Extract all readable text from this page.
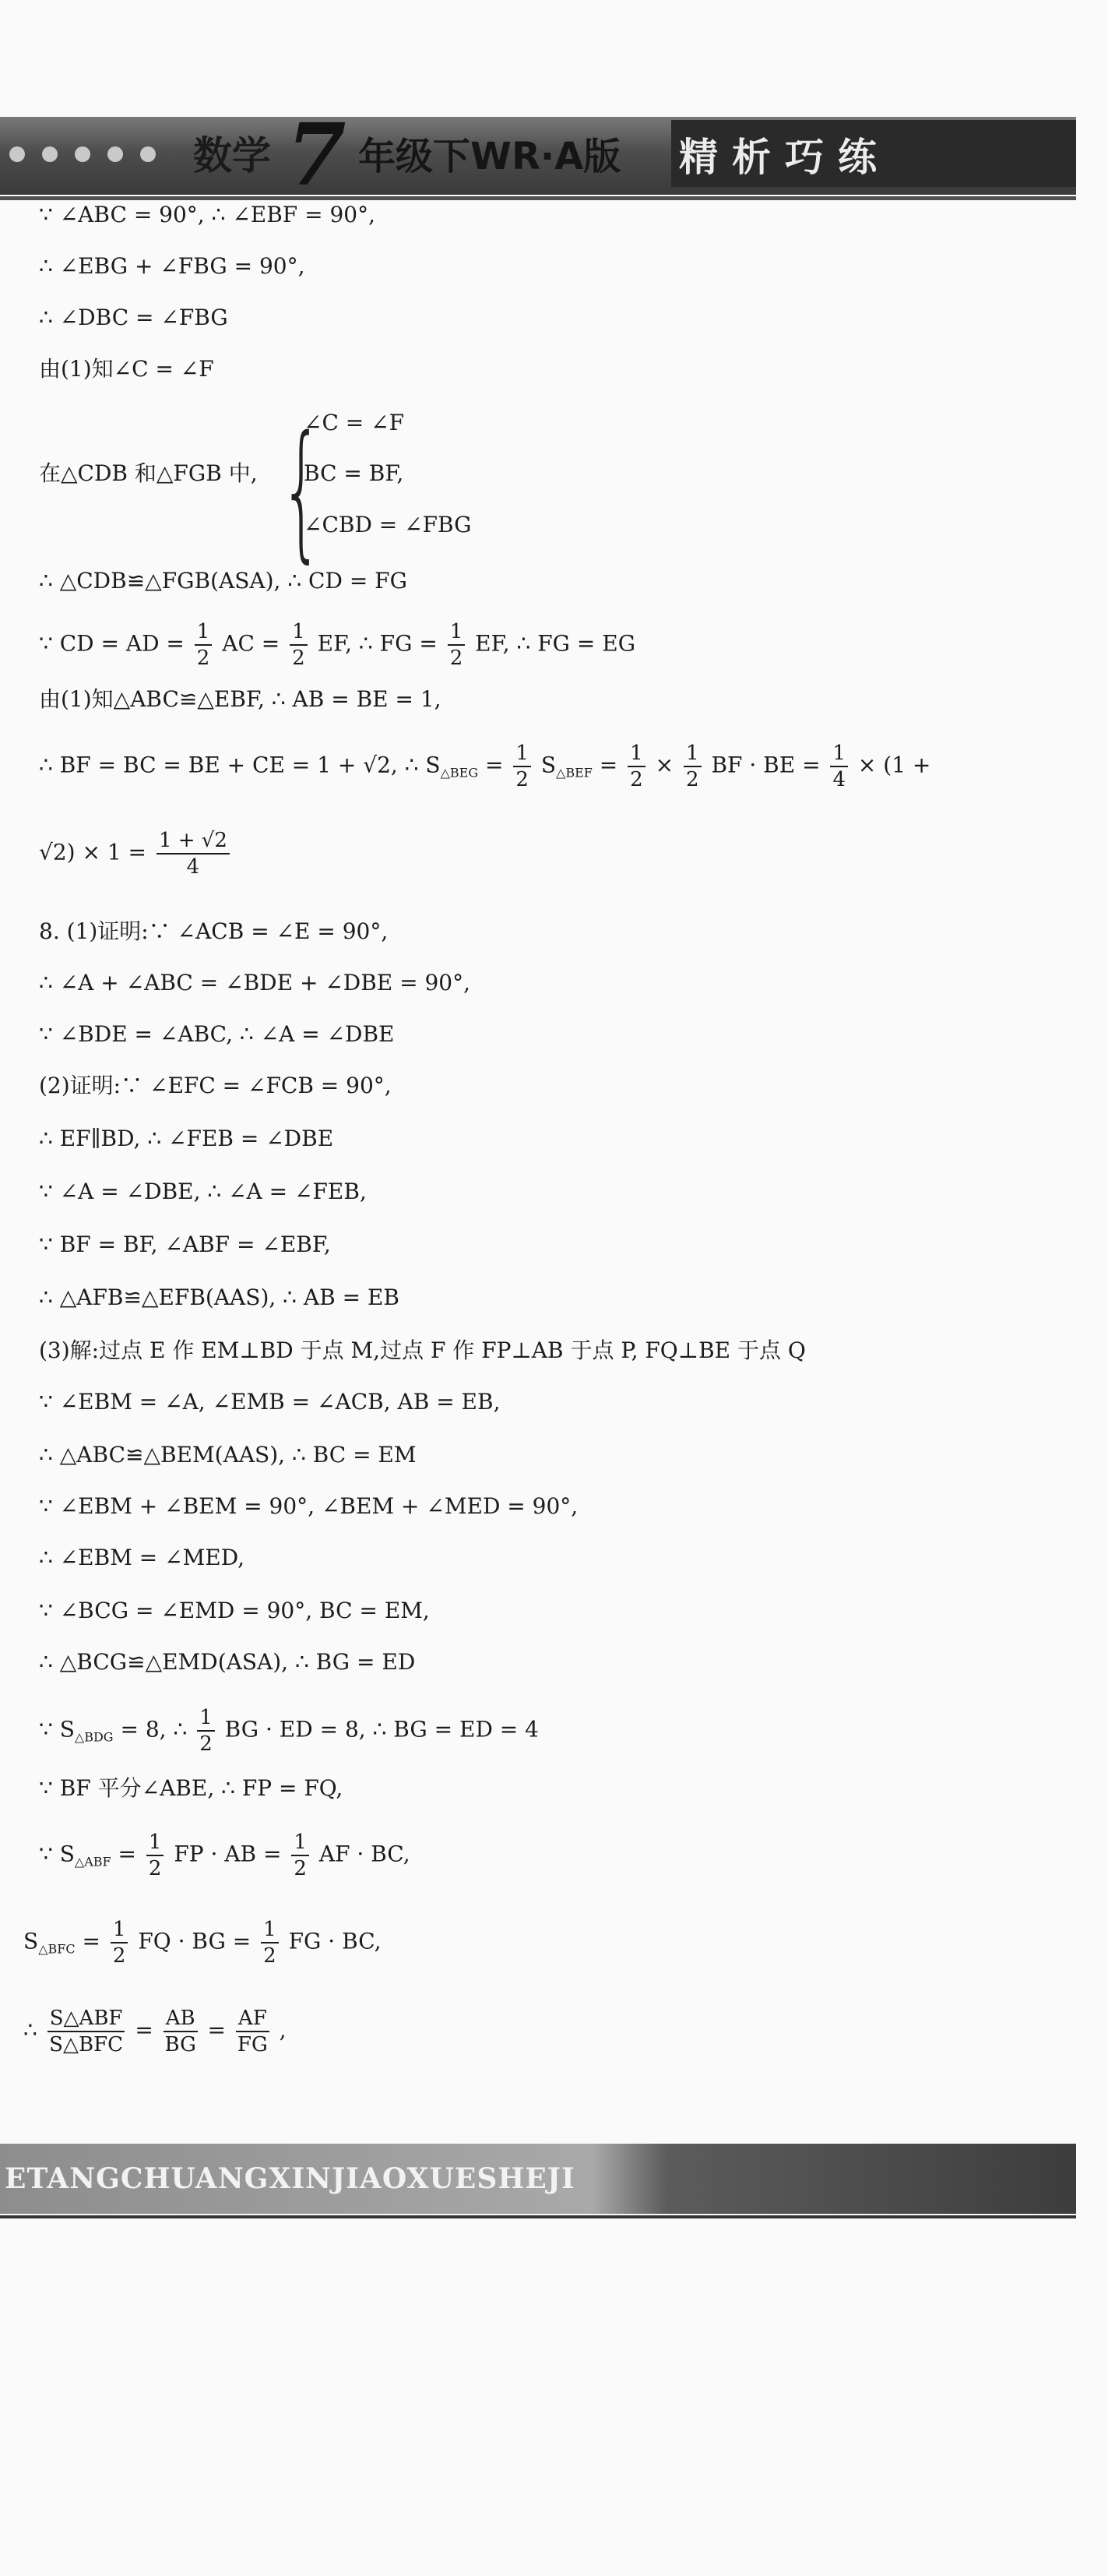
数学 7 年级下WR·A版 精析巧练
∵ ∠ABC = 90°, ∴ ∠EBF = 90°,
∴ ∠EBG + ∠FBG = 90°,
∴ ∠DBC = ∠FBG
由(1)知∠C = ∠F
在△CDB 和△FGB 中, {
∠C = ∠F
BC = BF,
∠CBD = ∠FBG
∴ △CDB≌△FGB(ASA), ∴ CD = FG
∵ CD = AD = $\frac{1}{2}$ AC = $\frac{1}{2}$ EF, ∴ FG = $\frac{1}{2}$ EF, ∴ FG = EG
由(1)知△ABC≌△EBF, ∴ AB = BE = 1,
∴ BF = BC = BE + CE = 1 + √2, ∴ $S_{\triangle BEG} = \frac{1}{2} S_{\triangle BEF} = \frac{1}{2} \times \frac{1}{2}$ BF · BE = $\frac{1}{4} \times (1$ +
$√2) \times 1 = \frac{1 + √2}{4}$
8. (1)证明:∵ ∠ACB = ∠E = 90°,
∴ ∠A + ∠ABC = ∠BDE + ∠DBE = 90°,
∵ ∠BDE = ∠ABC, ∴ ∠A = ∠DBE
(2)证明:∵ ∠EFC = ∠FCB = 90°,
∴ EF∥BD, ∴ ∠FEB = ∠DBE
∵ ∠A = ∠DBE, ∴ ∠A = ∠FEB,
∵ BF = BF, ∠ABF = ∠EBF,
∴ △AFB≌△EFB(AAS), ∴ AB = EB
(3)解:过点 E 作 EM⊥BD 于点 M,过点 F 作 FP⊥AB 于点 P, FQ⊥BE 于点 Q
∵ ∠EBM = ∠A, ∠EMB = ∠ACB, AB = EB,
∴ △ABC≌△BEM(AAS), ∴ BC = EM
∵ ∠EBM + ∠BEM = 90°, ∠BEM + ∠MED = 90°,
∴ ∠EBM = ∠MED,
∵ ∠BCG = ∠EMD = 90°, BC = EM,
∴ △BCG≌△EMD(ASA), ∴ BG = ED
∵ $S_{\triangle BDG} = 8$, ∴ $\frac{1}{2}$ BG · ED = 8, ∴ BG = ED = 4
∵ BF 平分∠ABE, ∴ FP = FQ,
∵ $S_{\triangle ABF} = \frac{1}{2}$ FP · AB = $\frac{1}{2}$ AF · BC,
$S_{\triangle BFC} = \frac{1}{2}$ FQ · BG = $\frac{1}{2}$ FG · BC,
∴ $\frac{\text{S△ABF}}{\text{S△BFC}} = \frac{AB}{BG} = \frac{AF}{FG}$ ,
ETANGCHUANGXINJIAOXUESHEJI
